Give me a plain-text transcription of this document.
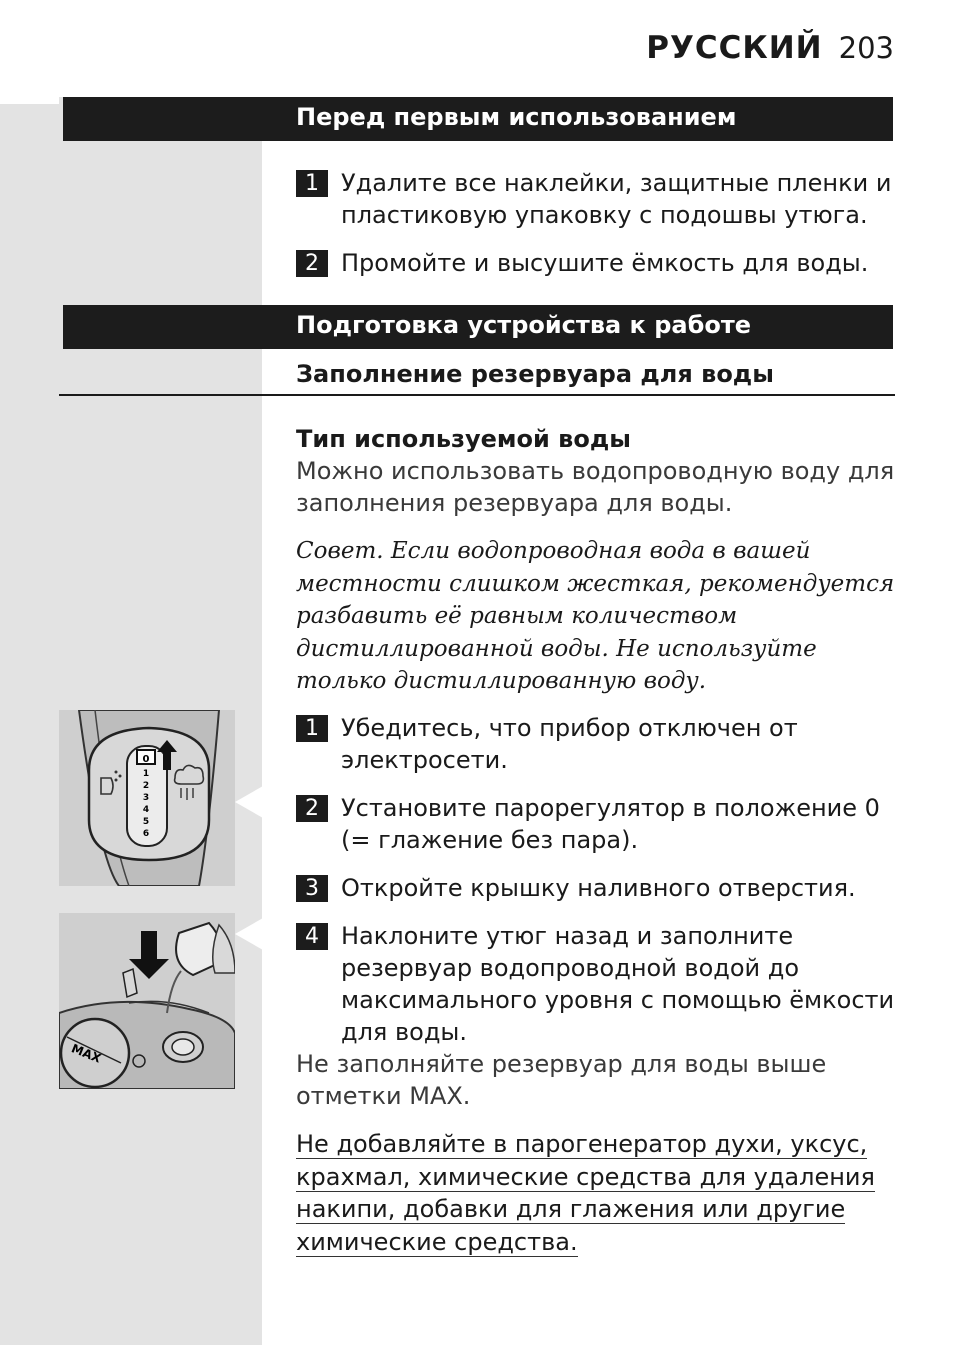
РУССКИЙ 203
Перед первым использованием
1 Удалите все наклейки, защитные пленки и пластиковую упаковку с подошвы утюга.
2 Промойте и высушите ёмкость для воды.
Подготовка устройства к работе
Заполнение резервуара для воды
Тип используемой воды
Можно использовать водопроводную воду для заполнения резервуара для воды.
Совет. Если водопроводная вода в вашей местности слишком жесткая, рекомендуется разбавить её равным количеством дистиллированной воды. Не используйте только дистиллированную воду.
0
1
2
3
4
5
6
MAX
1 Убедитесь, что прибор отключен от электросети.
2 Установите парорегулятор в положение 0 (= глажение без пара).
3 Откройте крышку наливного отверстия.
4 Наклоните утюг назад и заполните резервуар водопроводной водой до максимального уровня с помощью ёмкости для воды.
Не заполняйте резервуар для воды выше отметки MAX.
Не добавляйте в парогенератор духи, уксус, крахмал, химические средства для удаления накипи, добавки для глажения или другие химические средства.
